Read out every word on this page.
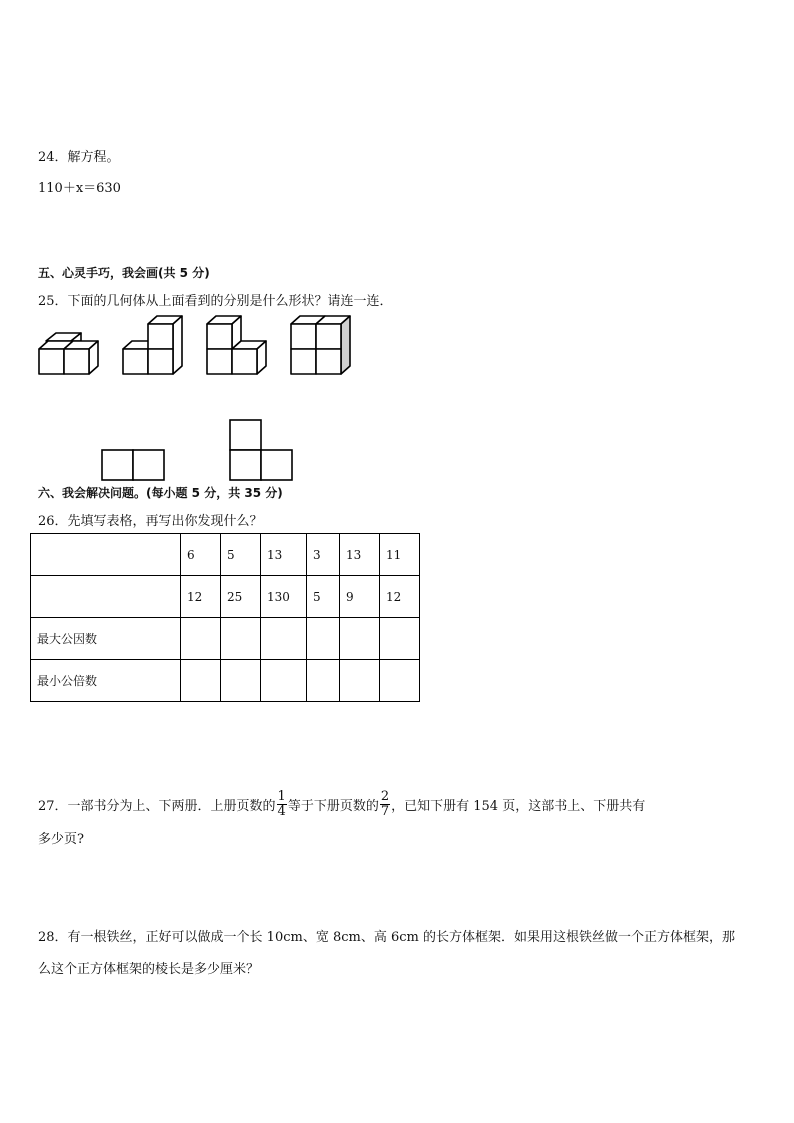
24．解方程。
110＋x＝630
五、心灵手巧，我会画(共 5 分)
25．下面的几何体从上面看到的分别是什么形状？请连一连．
六、我会解决问题。(每小题 5 分，共 35 分)
26．先填写表格，再写出你发现什么？
	6	5	13	3	13	11
	12	25	130	5	9	12
最大公因数						
最小公倍数						
27．一部书分为上、下两册．上册页数的 $\frac{1}{4}$ 等于下册页数的 $\frac{2}{7}$ ，已知下册有 154 页，这部书上、下册共有
多少页?
28．有一根铁丝，正好可以做成一个长 10cm、宽 8cm、高 6cm 的长方体框架．如果用这根铁丝做一个正方体框架，那
么这个正方体框架的棱长是多少厘米？
